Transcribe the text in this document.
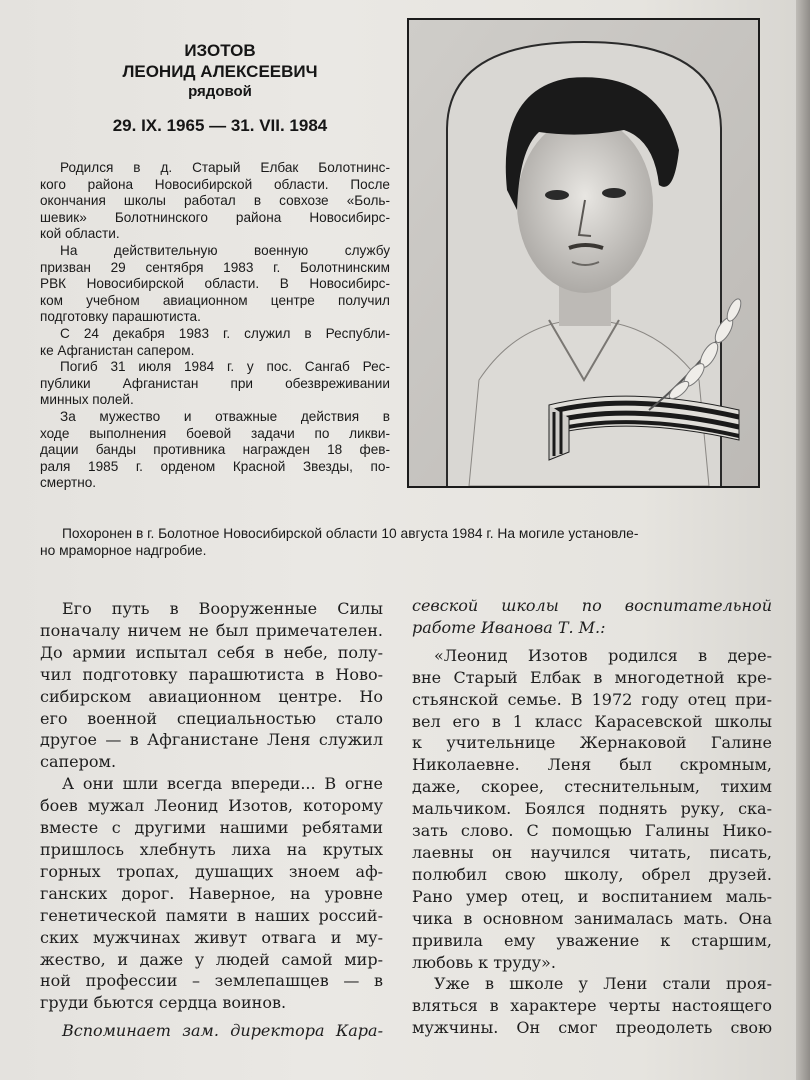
ИЗОТОВ

ЛЕОНИД АЛЕКСЕЕВИЧ

рядовой

29. IX. 1965 — 31. VII. 1984
Родился в д. Старый Елбак Болотнинс-
кого района Новосибирской области. После
окончания школы работал в совхозе «Боль-
шевик» Болотнинского района Новосибирс-
кой области.
На действительную военную службу
призван 29 сентября 1983 г. Болотнинским
РВК Новосибирской области. В Новосибирс-
ком учебном авиационном центре получил
подготовку парашютиста.
С 24 декабря 1983 г. служил в Республи-
ке Афганистан сапером.
Погиб 31 июля 1984 г. у пос. Сангаб Рес-
публики Афганистан при обезвреживании
минных полей.
За мужество и отважные действия в
ходе выполнения боевой задачи по ликви-
дации банды противника награжден 18 фев-
раля 1985 г. орденом Красной Звезды, по-
смертно.
Похоронен в г. Болотное Новосибирской области 10 августа 1984 г. На могиле установле-
но мраморное надгробие.
Его путь в Вооруженные Силы
поначалу ничем не был примечателен.
До армии испытал себя в небе, полу-
чил подготовку парашютиста в Ново-
сибирском авиационном центре. Но
его военной специальностью стало
другое — в Афганистане Леня служил
сапером.
А они шли всегда впереди... В огне
боев мужал Леонид Изотов, которому
вместе с другими нашими ребятами
пришлось хлебнуть лиха на крутых
горных тропах, душащих зноем аф-
ганских дорог. Наверное, на уровне
генетической памяти в наших россий-
ских мужчинах живут отвага и му-
жество, и даже у людей самой мир-
ной профессии – землепашцев — в
груди бьются сердца воинов.
Вспоминает зам. директора Кара-
севской школы по воспитательной
работе Иванова Т. М.:
«Леонид Изотов родился в дере-
вне Старый Елбак в многодетной кре-
стьянской семье. В 1972 году отец при-
вел его в 1 класс Карасевской школы
к учительнице Жернаковой Галине
Николаевне. Леня был скромным,
даже, скорее, стеснительным, тихим
мальчиком. Боялся поднять руку, ска-
зать слово. С помощью Галины Нико-
лаевны он научился читать, писать,
полюбил свою школу, обрел друзей.
Рано умер отец, и воспитанием маль-
чика в основном занималась мать. Она
привила ему уважение к старшим,
любовь к труду».
Уже в школе у Лени стали проя-
вляться в характере черты настоящего
мужчины. Он смог преодолеть свою
